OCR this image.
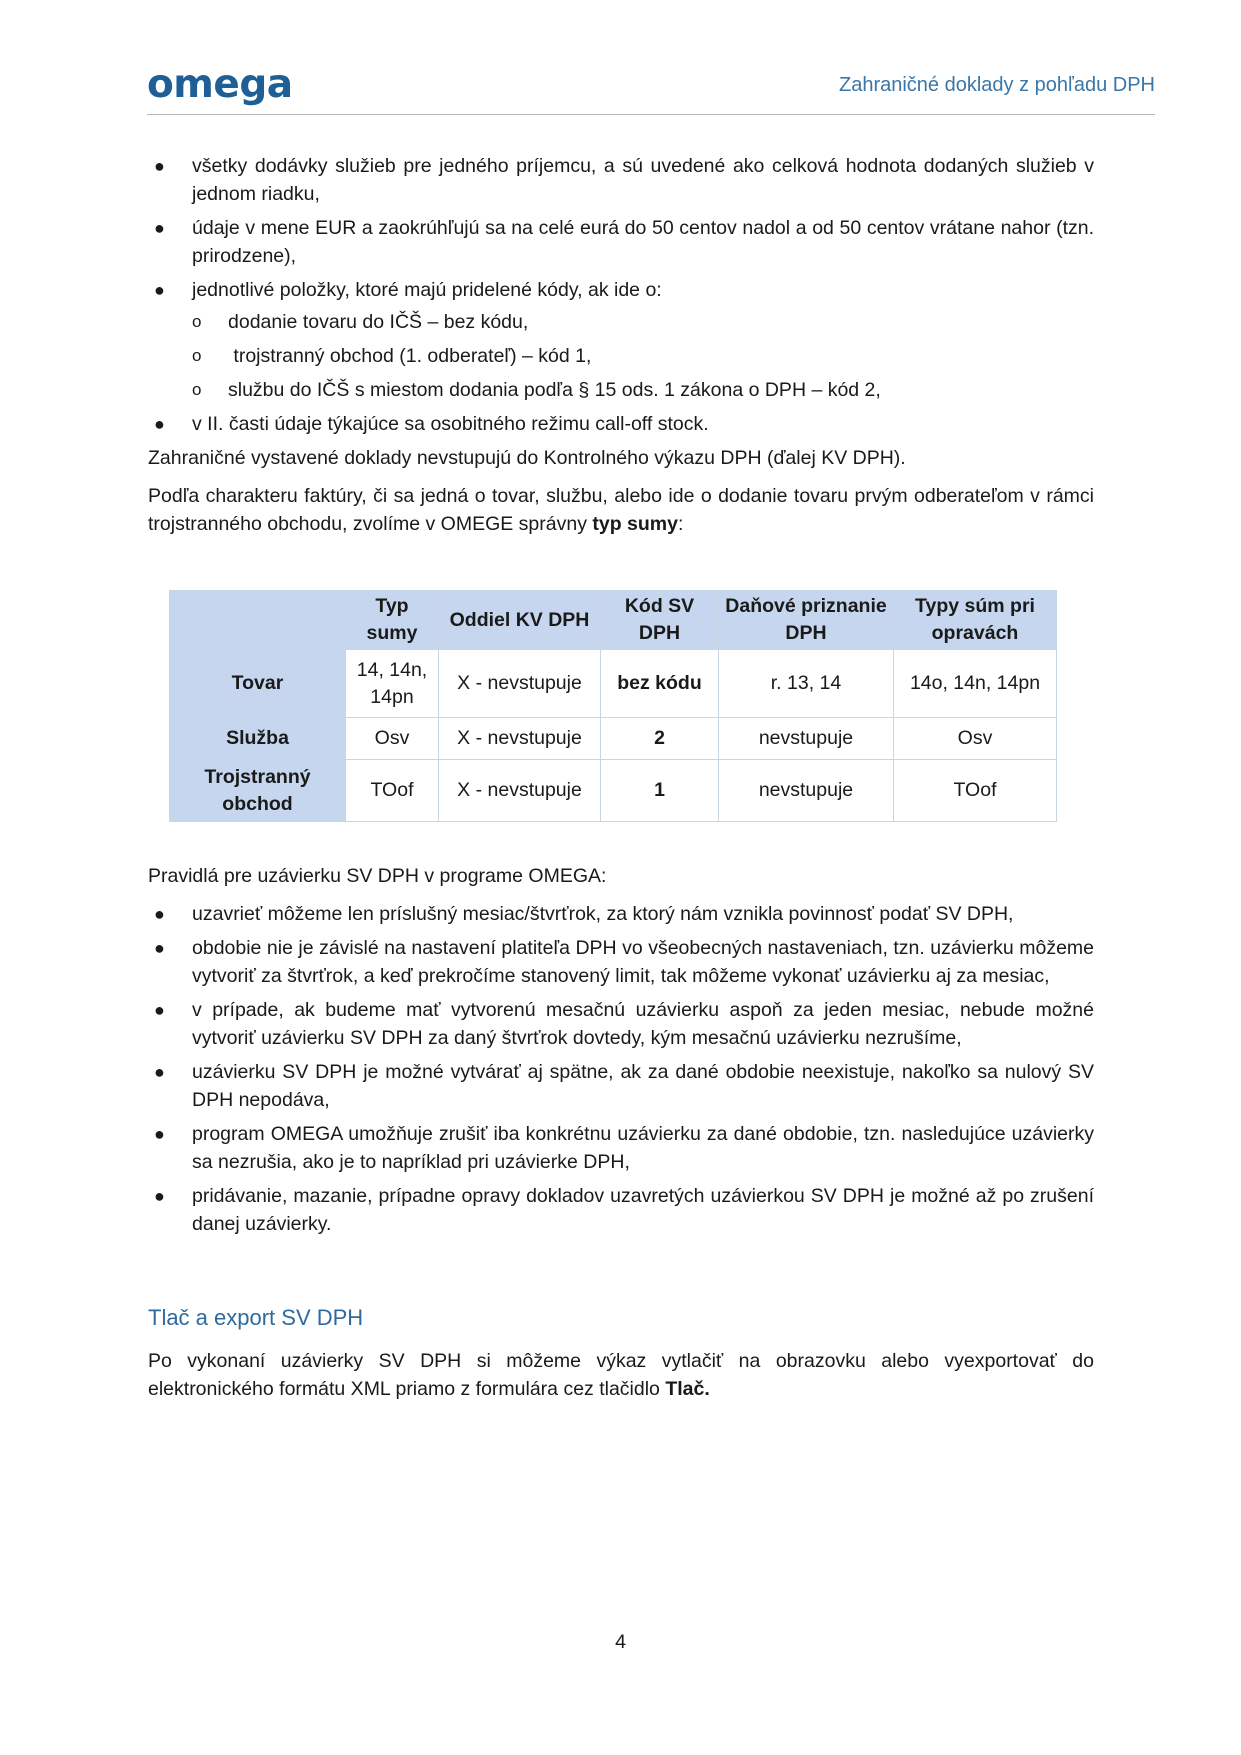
omega	Zahraničné doklady z pohľadu DPH
● všetky dodávky služieb pre jedného príjemcu, a sú uvedené ako celková hodnota dodaných služieb v jednom riadku,
● údaje v mene EUR a zaokrúhľujú sa na celé eurá do 50 centov nadol a od 50 centov vrátane nahor (tzn. prirodzene),
● jednotlivé položky, ktoré majú pridelené kódy, ak ide o:
o dodanie tovaru do IČŠ – bez kódu,
o trojstranný obchod (1. odberateľ) – kód 1,
o službu do IČŠ s miestom dodania podľa § 15 ods. 1 zákona o DPH – kód 2,
● v II. časti údaje týkajúce sa osobitného režimu call-off stock.

Zahraničné vystavené doklady nevstupujú do Kontrolného výkazu DPH (ďalej KV DPH).

Podľa charakteru faktúry, či sa jedná o tovar, službu, alebo ide o dodanie tovaru prvým odberateľom v rámci trojstranného obchodu, zvolíme v OMEGE správny typ sumy:

	Typ sumy	Oddiel KV DPH	Kód SV DPH	Daňové priznanie DPH	Typy súm pri opravách
Tovar	14, 14n, 14pn	X - nevstupuje	bez kódu	r. 13, 14	14o, 14n, 14pn
Služba	Osv	X - nevstupuje	2	nevstupuje	Osv
Trojstranný obchod	TOof	X - nevstupuje	1	nevstupuje	TOof

Pravidlá pre uzávierku SV DPH v programe OMEGA:

● uzavrieť môžeme len príslušný mesiac/štvrťrok, za ktorý nám vznikla povinnosť podať SV DPH,
● obdobie nie je závislé na nastavení platiteľa DPH vo všeobecných nastaveniach, tzn. uzávierku môžeme vytvoriť za štvrťrok, a keď prekročíme stanovený limit, tak môžeme vykonať uzávierku aj za mesiac,
● v prípade, ak budeme mať vytvorenú mesačnú uzávierku aspoň za jeden mesiac, nebude možné vytvoriť uzávierku SV DPH za daný štvrťrok dovtedy, kým mesačnú uzávierku nezrušíme,
● uzávierku SV DPH je možné vytvárať aj spätne, ak za dané obdobie neexistuje, nakoľko sa nulový SV DPH nepodáva,
● program OMEGA umožňuje zrušiť iba konkrétnu uzávierku za dané obdobie, tzn. nasledujúce uzávierky sa nezrušia, ako je to napríklad pri uzávierke DPH,
● pridávanie, mazanie, prípadne opravy dokladov uzavretých uzávierkou SV DPH je možné až po zrušení danej uzávierky.
Tlač a export SV DPH

Po vykonaní uzávierky SV DPH si môžeme výkaz vytlačiť na obrazovku alebo vyexportovať do elektronického formátu XML priamo z formulára cez tlačidlo Tlač.

4
